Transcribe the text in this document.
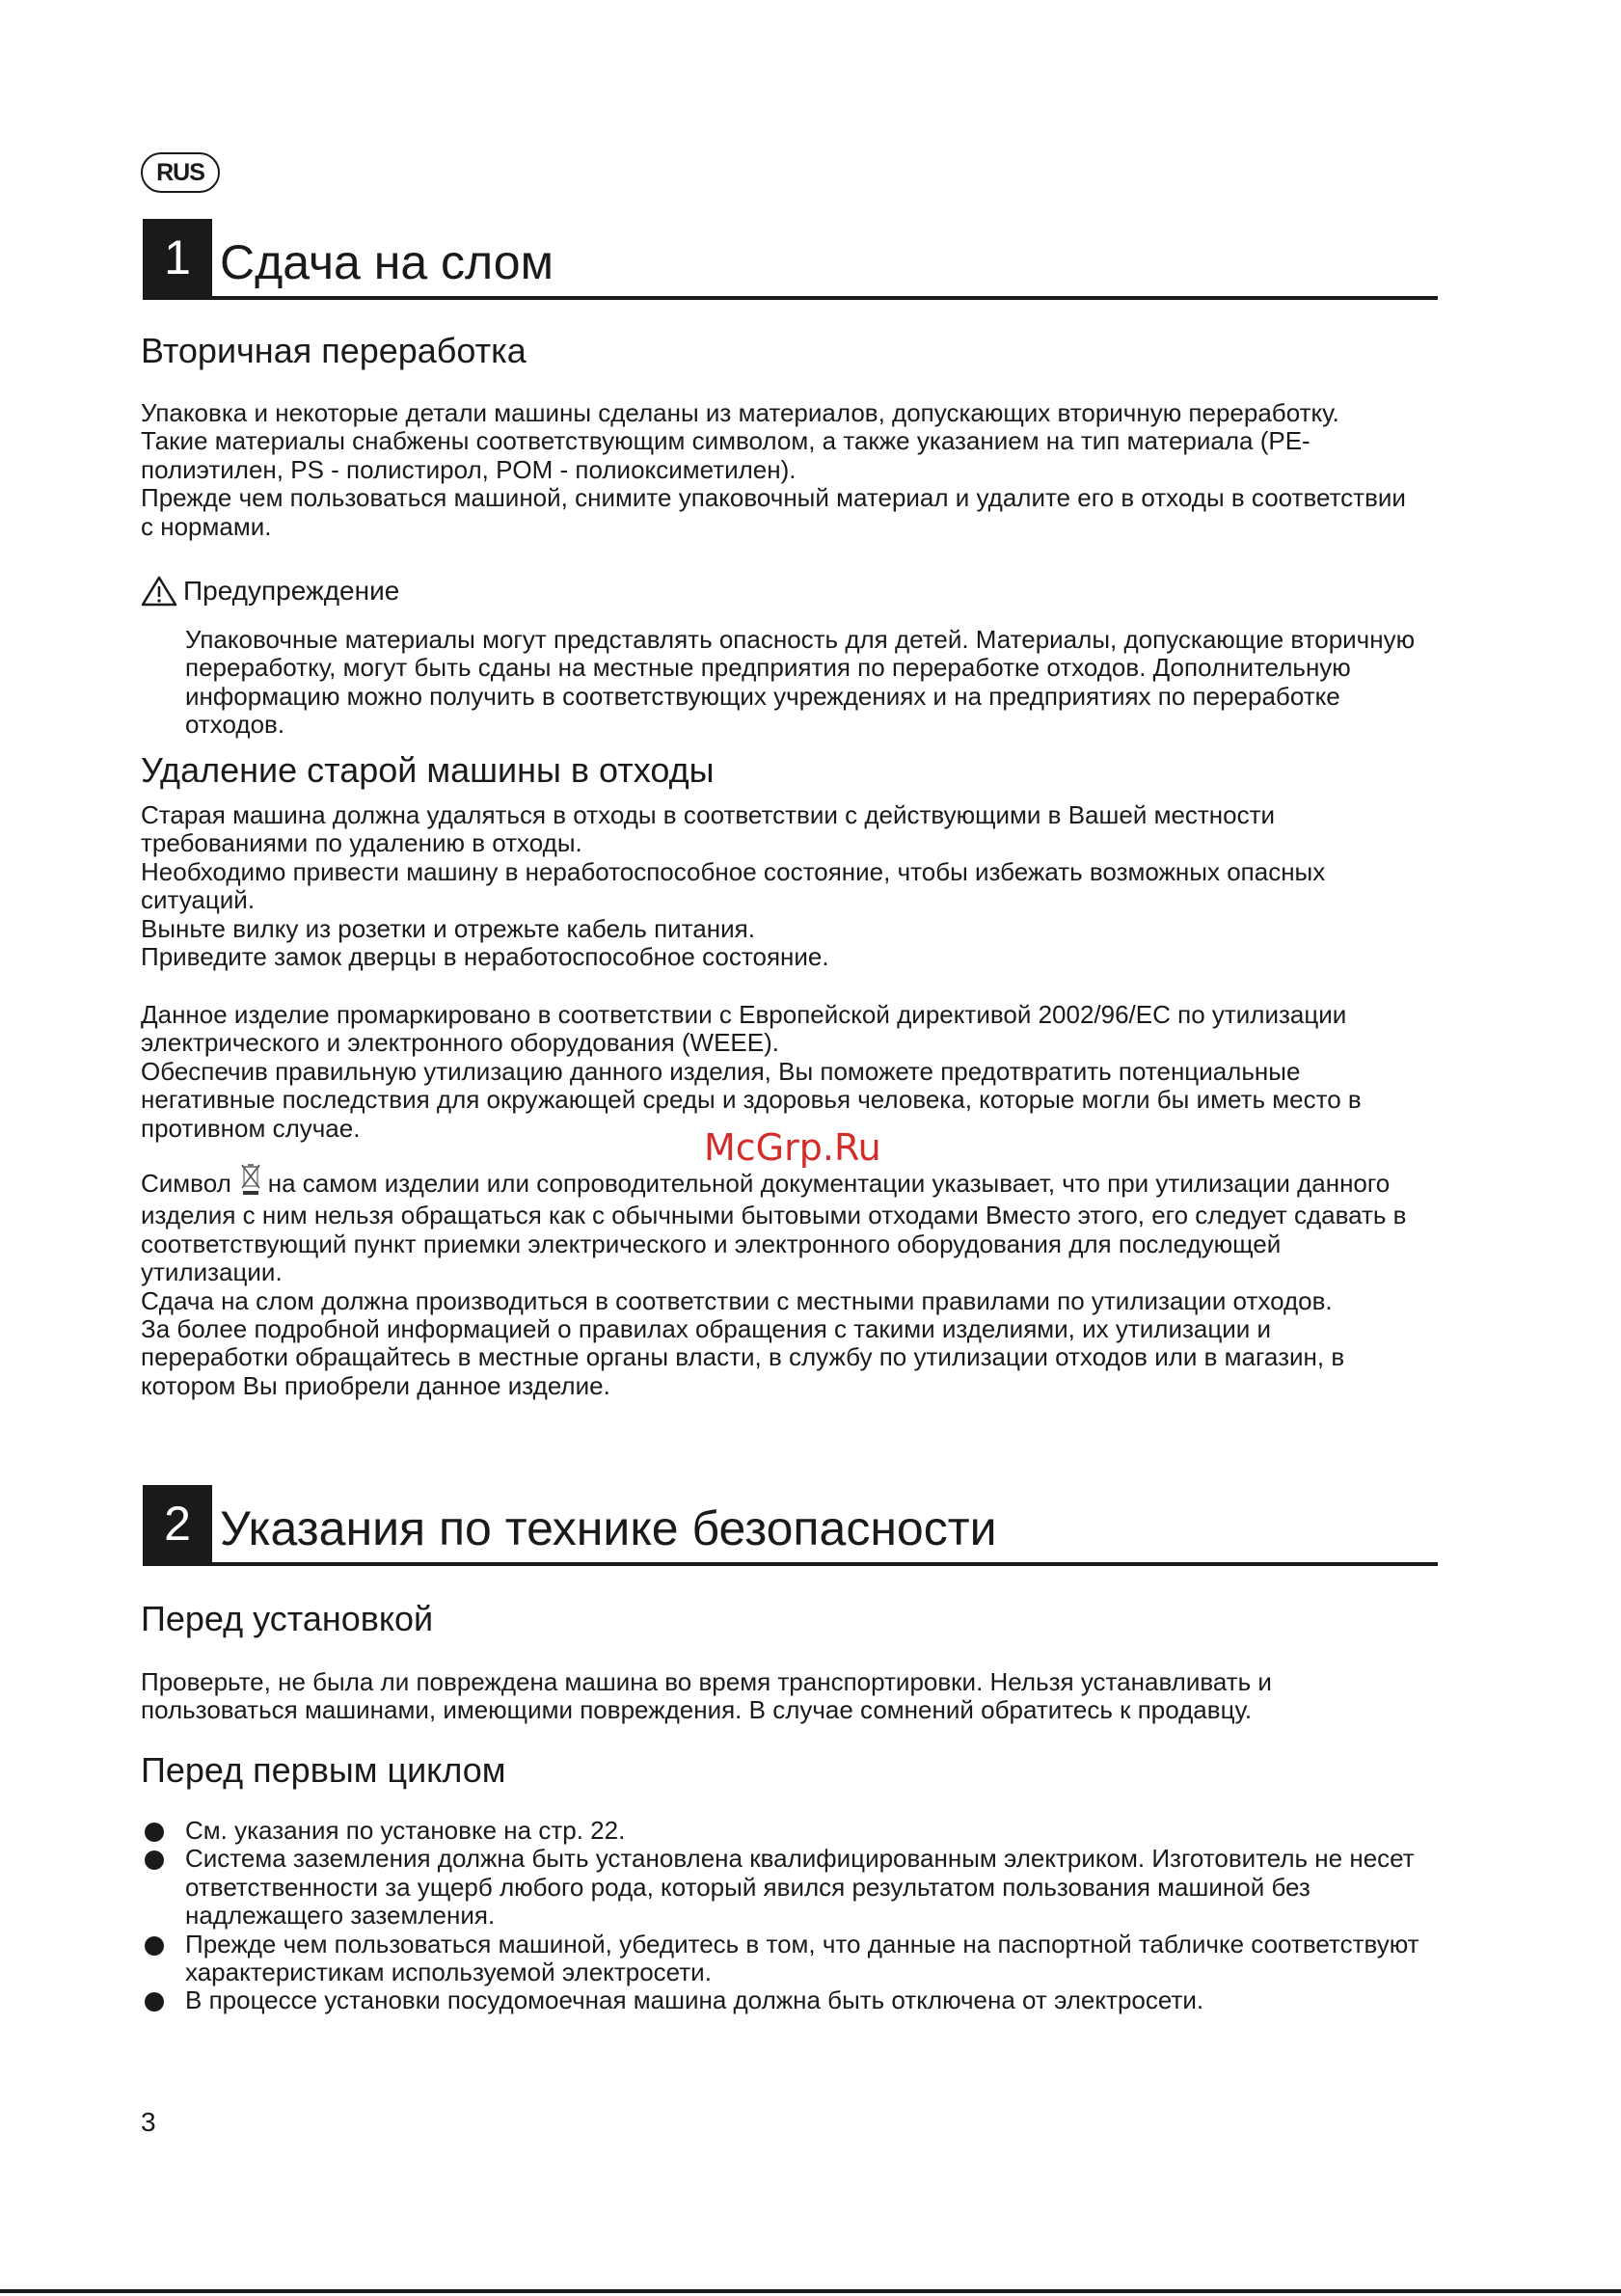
RUS
1 Сдача на слом
Вторичная переработка

Упаковка и некоторые детали машины сделаны из материалов, допускающих вторичную переработку.

Такие материалы снабжены соответствующим символом, а также указанием на тип материала (PE- полиэтилен, PS - полистирол, POM - полиоксиметилен).

Прежде чем пользоваться машиной, снимите упаковочный материал и удалите его в отходы в соответствии с нормами.

Предупреждение

Упаковочные материалы могут представлять опасность для детей. Материалы, допускающие вторичную переработку, могут быть сданы на местные предприятия по переработке отходов. Дополнительную информацию можно получить в соответствующих учреждениях и на предприятиях по переработке отходов.

Удаление старой машины в отходы

Старая машина должна удаляться в отходы в соответствии с действующими в Вашей местности требованиями по удалению в отходы.

Необходимо привести машину в неработоспособное состояние, чтобы избежать возможных опасных ситуаций.

Выньте вилку из розетки и отрежьте кабель питания.

Приведите замок дверцы в неработоспособное состояние.

Данное изделие промаркировано в соответствии с Европейской директивой 2002/96/EC по утилизации электрического и электронного оборудования (WEEE).

Обеспечив правильную утилизацию данного изделия, Вы поможете предотвратить потенциальные негативные последствия для окружающей среды и здоровья человека, которые могли бы иметь место в противном случае.	McGrp.Ru

Символ на самом изделии или сопроводительной документации указывает, что при утилизации данного изделия с ним нельзя обращаться как с обычными бытовыми отходами Вместо этого, его следует сдавать в соответствующий пункт приемки электрического и электронного оборудования для последующей утилизации.

Сдача на слом должна производиться в соответствии с местными правилами по утилизации отходов.

За более подробной информацией о правилах обращения с такими изделиями, их утилизации и переработки обращайтесь в местные органы власти, в службу по утилизации отходов или в магазин, в котором Вы приобрели данное изделие.

2 Указания по технике безопасности
Перед установкой

Проверьте, не была ли повреждена машина во время транспортировки. Нельзя устанавливать и пользоваться машинами, имеющими повреждения. В случае сомнений обратитесь к продавцу.

Перед первым циклом
См. указания по установке на стр. 22.
Система заземления должна быть установлена квалифицированным электриком. Изготовитель не несет ответственности за ущерб любого рода, который явился результатом пользования машиной без надлежащего заземления.
Прежде чем пользоваться машиной, убедитесь в том, что данные на паспортной табличке соответствуют характеристикам используемой электросети.
В процессе установки посудомоечная машина должна быть отключена от электросети.
3
